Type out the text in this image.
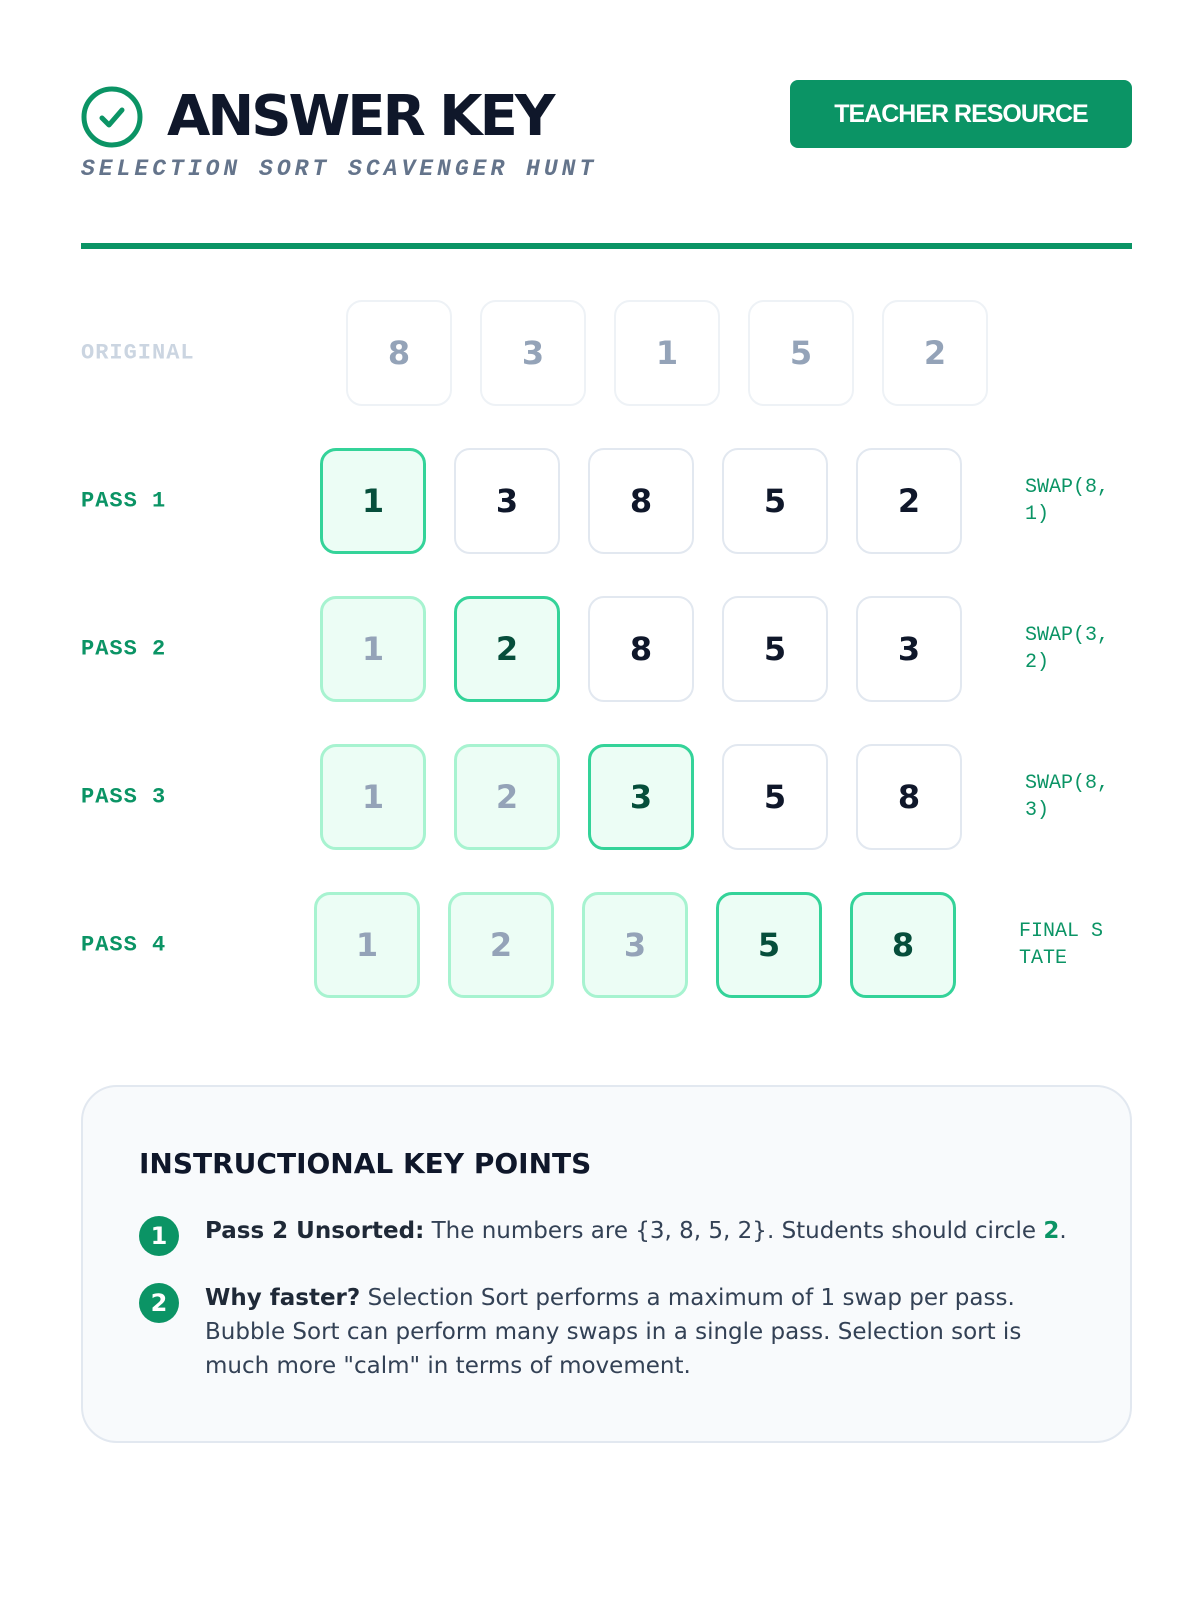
ANSWER KEY

SELECTION SORT SCAVENGER HUNT

TEACHER RESOURCE
ORIGINAL	8	3	1	5	2
PASS 1	1	3	8	5	2	SWAP(8, 1)
PASS 2	1	2	8	5	3	SWAP(3, 2)
PASS 3	1	2	3	5	8	SWAP(8, 3)
PASS 4	1	2	3	5	8	FINAL STATE
INSTRUCTIONAL KEY POINTS
1	Pass 2 Unsorted: The numbers are {3, 8, 5, 2}. Students should circle 2.
2	Why faster? Selection Sort performs a maximum of 1 swap per pass. Bubble Sort can perform many swaps in a single pass. Selection sort is much more "calm" in terms of movement.
